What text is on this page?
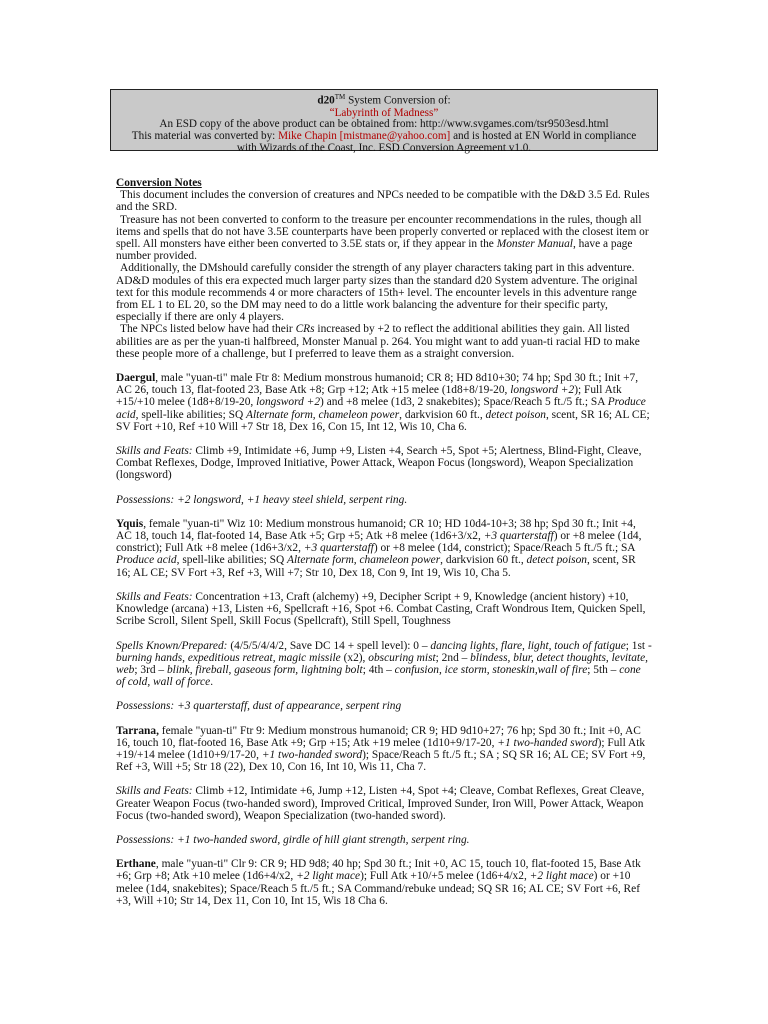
d20™ System Conversion of:
“Labyrinth of Madness”
An ESD copy of the above product can be obtained from: http://www.svgames.com/tsr9503esd.html
This material was converted by: Mike Chapin [mistmane@yahoo.com] and is hosted at EN World in compliance
with Wizards of the Coast, Inc. ESD Conversion Agreement v1.0.

Conversion Notes

This document includes the conversion of creatures and NPCs needed to be compatible with the D&D 3.5 Ed. Rules and the SRD.

Treasure has not been converted to conform to the treasure per encounter recommendations in the rules, though all items and spells that do not have 3.5E counterparts have been properly converted or replaced with the closest item or spell. All monsters have either been converted to 3.5E stats or, if they appear in the Monster Manual, have a page number provided.

Additionally, the DMshould carefully consider the strength of any player characters taking part in this adventure. AD&D modules of this era expected much larger party sizes than the standard d20 System adventure. The original text for this module recommends 4 or more characters of 15th+ level. The encounter levels in this adventure range from EL 1 to EL 20, so the DM may need to do a little work balancing the adventure for their specific party, especially if there are only 4 players.

The NPCs listed below have had their CRs increased by +2 to reflect the additional abilities they gain. All listed abilities are as per the yuan-ti halfbreed, Monster Manual p. 264. You might want to add yuan-ti racial HD to make these people more of a challenge, but I preferred to leave them as a straight conversion.

Daergul, male "yuan-ti" male Ftr 8: Medium monstrous humanoid; CR 8; HD 8d10+30; 74 hp; Spd 30 ft.; Init +7, AC 26, touch 13, flat-footed 23, Base Atk +8; Grp +12; Atk +15 melee (1d8+8/19-20, longsword +2); Full Atk +15/+10 melee (1d8+8/19-20, longsword +2) and +8 melee (1d3, 2 snakebites); Space/Reach 5 ft./5 ft.; SA Produce acid, spell-like abilities; SQ Alternate form, chameleon power, darkvision 60 ft., detect poison, scent, SR 16; AL CE; SV Fort +10, Ref +10 Will +7 Str 18, Dex 16, Con 15, Int 12, Wis 10, Cha 6.

Skills and Feats: Climb +9, Intimidate +6, Jump +9, Listen +4, Search +5, Spot +5; Alertness, Blind-Fight, Cleave, Combat Reflexes, Dodge, Improved Initiative, Power Attack, Weapon Focus (longsword), Weapon Specialization (longsword)

Possessions: +2 longsword, +1 heavy steel shield, serpent ring.

Yquis, female "yuan-ti" Wiz 10: Medium monstrous humanoid; CR 10; HD 10d4-10+3; 38 hp; Spd 30 ft.; Init +4, AC 18, touch 14, flat-footed 14, Base Atk +5; Grp +5; Atk +8 melee (1d6+3/x2, +3 quarterstaff) or +8 melee (1d4, constrict); Full Atk +8 melee (1d6+3/x2, +3 quarterstaff) or +8 melee (1d4, constrict); Space/Reach 5 ft./5 ft.; SA Produce acid, spell-like abilities; SQ Alternate form, chameleon power, darkvision 60 ft., detect poison, scent, SR 16; AL CE; SV Fort +3, Ref +3, Will +7; Str 10, Dex 18, Con 9, Int 19, Wis 10, Cha 5.

Skills and Feats: Concentration +13, Craft (alchemy) +9, Decipher Script + 9, Knowledge (ancient history) +10, Knowledge (arcana) +13, Listen +6, Spellcraft +16, Spot +6. Combat Casting, Craft Wondrous Item, Quicken Spell, Scribe Scroll, Silent Spell, Skill Focus (Spellcraft), Still Spell, Toughness

Spells Known/Prepared: (4/5/5/4/4/2, Save DC 14 + spell level): 0 – dancing lights, flare, light, touch of fatigue; 1st - burning hands, expeditious retreat, magic missile (x2), obscuring mist; 2nd – blindess, blur, detect thoughts, levitate, web; 3rd – blink, fireball, gaseous form, lightning bolt; 4th – confusion, ice storm, stoneskin,wall of fire; 5th – cone of cold, wall of force.

Possessions: +3 quarterstaff, dust of appearance, serpent ring

Tarrana, female "yuan-ti" Ftr 9: Medium monstrous humanoid; CR 9; HD 9d10+27; 76 hp; Spd 30 ft.; Init +0, AC 16, touch 10, flat-footed 16, Base Atk +9; Grp +15; Atk +19 melee (1d10+9/17-20, +1 two-handed sword); Full Atk +19/+14 melee (1d10+9/17-20, +1 two-handed sword); Space/Reach 5 ft./5 ft.; SA ; SQ SR 16; AL CE; SV Fort +9, Ref +3, Will +5; Str 18 (22), Dex 10, Con 16, Int 10, Wis 11, Cha 7.

Skills and Feats: Climb +12, Intimidate +6, Jump +12, Listen +4, Spot +4; Cleave, Combat Reflexes, Great Cleave, Greater Weapon Focus (two-handed sword), Improved Critical, Improved Sunder, Iron Will, Power Attack, Weapon Focus (two-handed sword), Weapon Specialization (two-handed sword).

Possessions: +1 two-handed sword, girdle of hill giant strength, serpent ring.

Erthane, male "yuan-ti" Clr 9: CR 9; HD 9d8; 40 hp; Spd 30 ft.; Init +0, AC 15, touch 10, flat-footed 15, Base Atk +6; Grp +8; Atk +10 melee (1d6+4/x2, +2 light mace); Full Atk +10/+5 melee (1d6+4/x2, +2 light mace) or +10 melee (1d4, snakebites); Space/Reach 5 ft./5 ft.; SA Command/rebuke undead; SQ SR 16; AL CE; SV Fort +6, Ref +3, Will +10; Str 14, Dex 11, Con 10, Int 15, Wis 18 Cha 6.
